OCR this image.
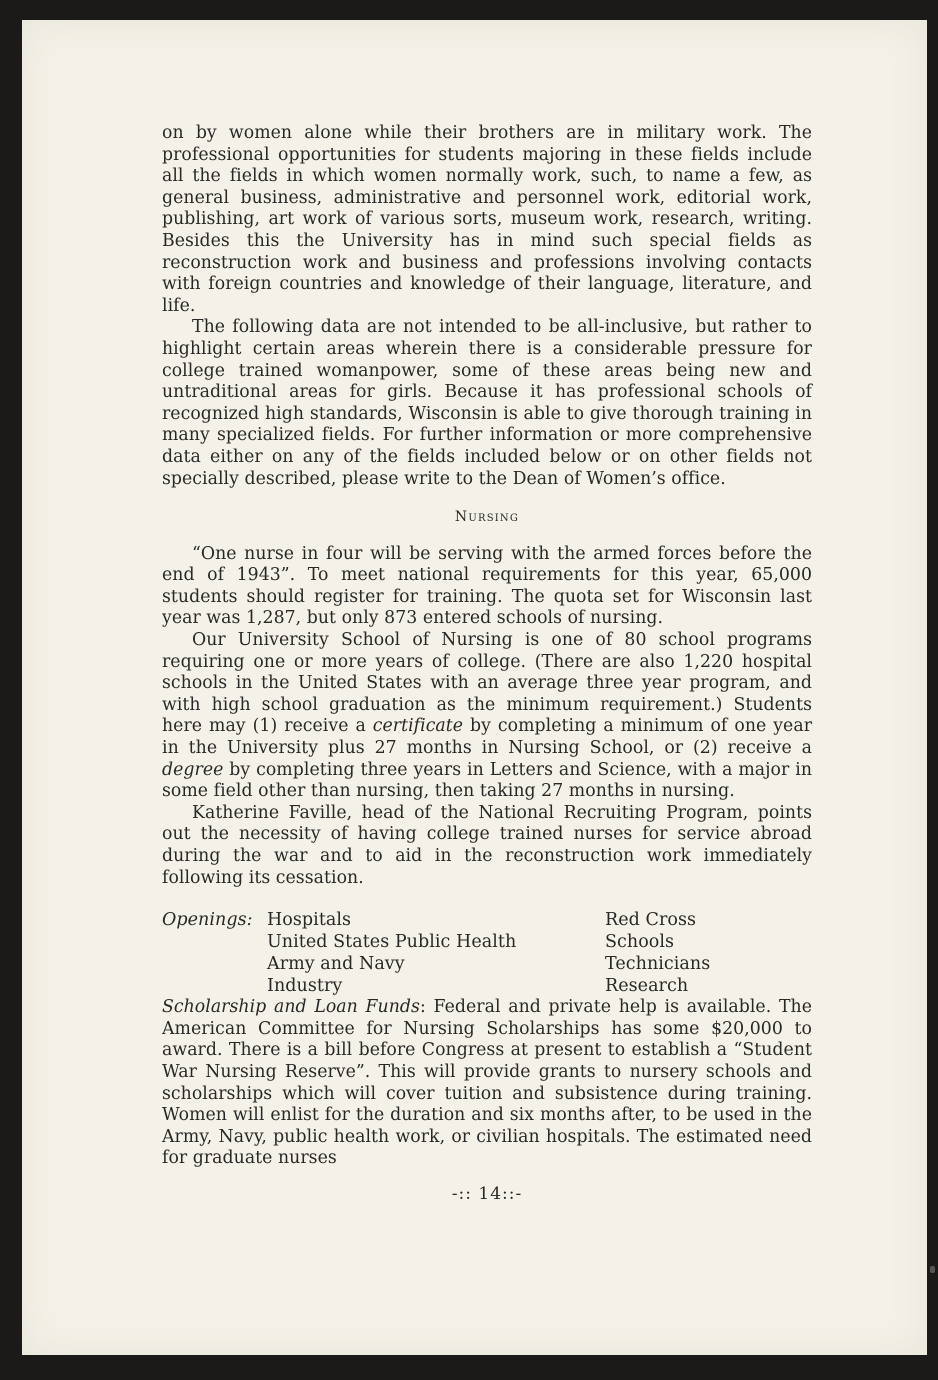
on by women alone while their brothers are in military work. The professional opportunities for students majoring in these fields include all the fields in which women normally work, such, to name a few, as general business, administrative and personnel work, editorial work, publishing, art work of various sorts, museum work, research, writing. Besides this the University has in mind such special fields as reconstruction work and business and professions involving contacts with foreign countries and knowledge of their language, literature, and life.

The following data are not intended to be all-inclusive, but rather to highlight certain areas wherein there is a considerable pressure for college trained womanpower, some of these areas being new and untraditional areas for girls. Because it has professional schools of recognized high standards, Wisconsin is able to give thorough training in many specialized fields. For further information or more comprehensive data either on any of the fields included below or on other fields not specially described, please write to the Dean of Women’s office.

Nursing

“One nurse in four will be serving with the armed forces before the end of 1943”. To meet national requirements for this year, 65,000 students should register for training. The quota set for Wisconsin last year was 1,287, but only 873 entered schools of nursing.

Our University School of Nursing is one of 80 school programs requiring one or more years of college. (There are also 1,220 hospital schools in the United States with an average three year program, and with high school graduation as the minimum requirement.) Students here may (1) receive a certificate by completing a minimum of one year in the University plus 27 months in Nursing School, or (2) receive a degree by completing three years in Letters and Science, with a major in some field other than nursing, then taking 27 months in nursing.

Katherine Faville, head of the National Recruiting Program, points out the necessity of having college trained nurses for service abroad during the war and to aid in the reconstruction work immediately following its cessation.

Openings: Hospitals
United States Public Health
Army and Navy
Industry
Red Cross
Schools
Technicians
Research

Scholarship and Loan Funds: Federal and private help is available. The American Committee for Nursing Scholarships has some $20,000 to award. There is a bill before Congress at present to establish a “Student War Nursing Reserve”. This will provide grants to nursery schools and scholarships which will cover tuition and subsistence during training. Women will enlist for the duration and six months after, to be used in the Army, Navy, public health work, or civilian hospitals. The estimated need for graduate nurses

-:: 14::-
